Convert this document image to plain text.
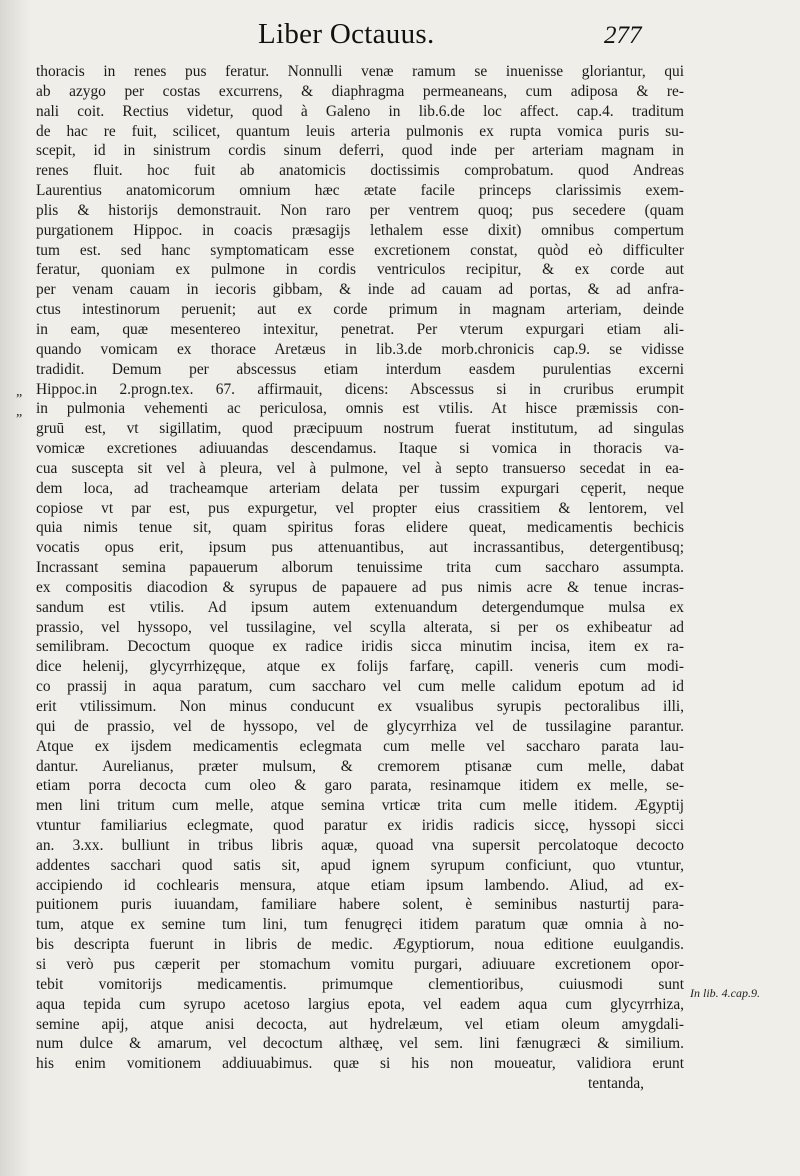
Liber Octauus.	277
thoracis in renes pus feratur. Nonnulli venæ ramum se inuenisse gloriantur, qui
ab azygo per costas excurrens, & diaphragma permeaneans, cum adiposa & re-
nali coit. Rectius videtur, quod à Galeno in lib.6.de loc affect. cap.4. traditum
de hac re fuit, scilicet, quantum leuis arteria pulmonis ex rupta vomica puris su-
scepit, id in sinistrum cordis sinum deferri, quod inde per arteriam magnam in
renes fluit. hoc fuit ab anatomicis doctissimis comprobatum. quod Andreas
Laurentius anatomicorum omnium hæc ætate facile princeps clarissimis exem-
plis & historijs demonstrauit. Non raro per ventrem quoq; pus secedere (quam
purgationem Hippoc. in coacis præsagijs lethalem esse dixit) omnibus compertum
tum est. sed hanc symptomaticam esse excretionem constat, quòd eò difficulter
feratur, quoniam ex pulmone in cordis ventriculos recipitur, & ex corde aut
per venam cauam in iecoris gibbam, & inde ad cauam ad portas, & ad anfra-
ctus intestinorum peruenit; aut ex corde primum in magnam arteriam, deinde
in eam, quæ mesentereo intexitur, penetrat. Per vterum expurgari etiam ali-
quando vomicam ex thorace Aretæus in lib.3.de morb.chronicis cap.9. se vidisse
tradidit. Demum per abscessus etiam interdum easdem purulentias excerni
Hippoc.in 2.progn.tex. 67. affirmauit, dicens: Abscessus si in cruribus erumpit
in pulmonia vehementi ac periculosa, omnis est vtilis. At hisce præmissis con-
gruū est, vt sigillatim, quod præcipuum nostrum fuerat institutum, ad singulas
vomicæ excretiones adiuuandas descendamus. Itaque si vomica in thoracis va-
cua suscepta sit vel à pleura, vel à pulmone, vel à septo transuerso secedat in ea-
dem loca, ad tracheamque arteriam delata per tussim expurgari cęperit, neque
copiose vt par est, pus expurgetur, vel propter eius crassitiem & lentorem, vel
quia nimis tenue sit, quam spiritus foras elidere queat, medicamentis bechicis
vocatis opus erit, ipsum pus attenuantibus, aut incrassantibus, detergentibusq;
Incrassant semina papauerum alborum tenuissime trita cum saccharo assumpta.
ex compositis diacodion & syrupus de papauere ad pus nimis acre & tenue incras-
sandum est vtilis. Ad ipsum autem extenuandum detergendumque mulsa ex
prassio, vel hyssopo, vel tussilagine, vel scylla alterata, si per os exhibeatur ad
semilibram. Decoctum quoque ex radice iridis sicca minutim incisa, item ex ra-
dice helenij, glycyrrhizęque, atque ex folijs farfarę, capill. veneris cum modi-
co prassij in aqua paratum, cum saccharo vel cum melle calidum epotum ad id
erit vtilissimum. Non minus conducunt ex vsualibus syrupis pectoralibus illi,
qui de prassio, vel de hyssopo, vel de glycyrrhiza vel de tussilagine parantur.
Atque ex ijsdem medicamentis eclegmata cum melle vel saccharo parata lau-
dantur. Aurelianus, præter mulsum, & cremorem ptisanæ cum melle, dabat
etiam porra decocta cum oleo & garo parata, resinamque itidem ex melle, se-
men lini tritum cum melle, atque semina vrticæ trita cum melle itidem. Ægyptij
vtuntur familiarius eclegmate, quod paratur ex iridis radicis siccę, hyssopi sicci
an. 3.xx. bulliunt in tribus libris aquæ, quoad vna supersit percolatoque decocto
addentes sacchari quod satis sit, apud ignem syrupum conficiunt, quo vtuntur,
accipiendo id cochlearis mensura, atque etiam ipsum lambendo. Aliud, ad ex-
puitionem puris iuuandam, familiare habere solent, è seminibus nasturtij para-
tum, atque ex semine tum lini, tum fenugręci itidem paratum quæ omnia à no-
bis descripta fuerunt in libris de medic. Ægyptiorum, noua editione euulgandis.
si verò pus cæperit per stomachum vomitu purgari, adiuuare excretionem opor-
tebit vomitorijs medicamentis. primumque clementioribus, cuiusmodi sunt
aqua tepida cum syrupo acetoso largius epota, vel eadem aqua cum glycyrrhiza,
semine apij, atque anisi decocta, aut hydrelæum, vel etiam oleum amygdali-
num dulce & amarum, vel decoctum althæę, vel sem. lini fænugræci & similium.
his enim vomitionem addiuuabimus. quæ si his non moueatur, validiora erunt
tentanda,
”
”
In lib. 4.cap.9.
